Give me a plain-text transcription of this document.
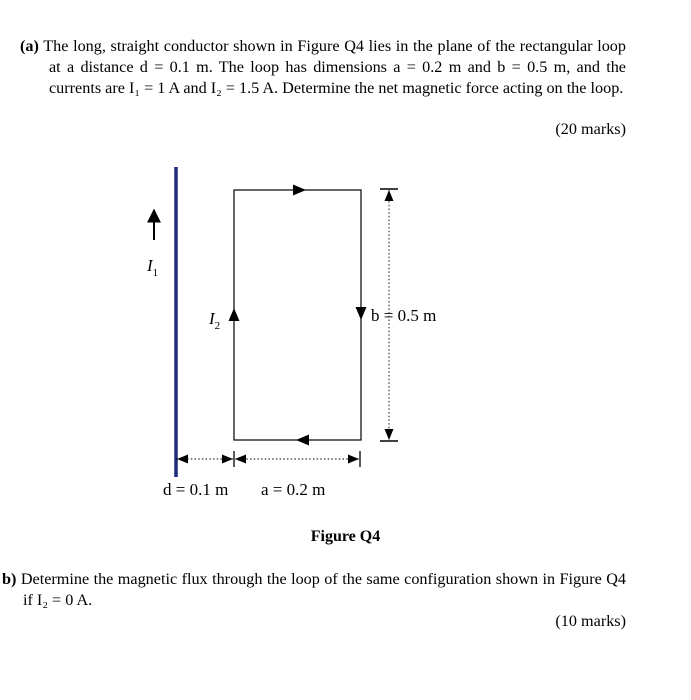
(a) The long, straight conductor shown in Figure Q4 lies in the plane of the rectangular loop at a distance d = 0.1 m. The loop has dimensions a = 0.2 m and b = 0.5 m, and the currents are I₁ = 1 A and I₂ = 1.5 A. Determine the net magnetic force acting on the loop.

(20 marks)
$I_1$
$I_2$
b = 0.5 m
d = 0.1 m a = 0.2 m
Figure Q4

b) Determine the magnetic flux through the loop of the same configuration shown in Figure Q4 if I₂ = 0 A.

(10 marks)
